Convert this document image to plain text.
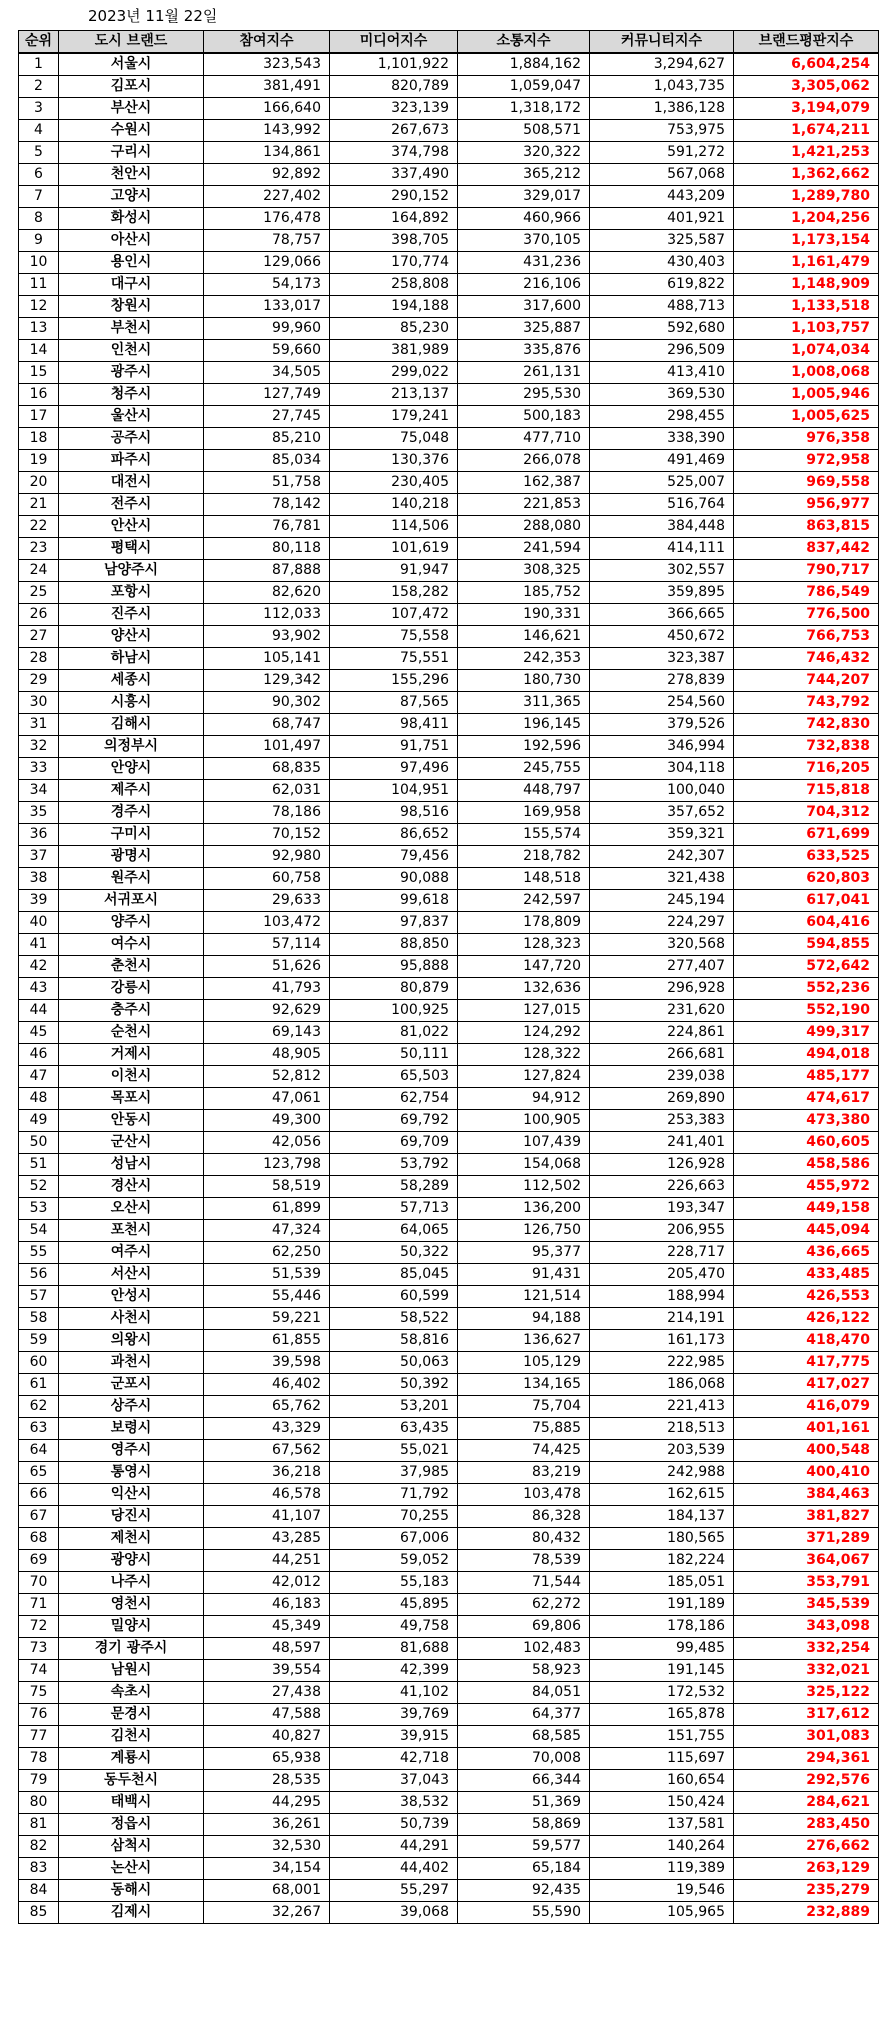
2023년 11월 22일
순위	도시 브랜드	참여지수	미디어지수	소통지수	커뮤니티지수	브랜드평판지수
1	서울시	323,543	1,101,922	1,884,162	3,294,627	6,604,254
2	김포시	381,491	820,789	1,059,047	1,043,735	3,305,062
3	부산시	166,640	323,139	1,318,172	1,386,128	3,194,079
4	수원시	143,992	267,673	508,571	753,975	1,674,211
5	구리시	134,861	374,798	320,322	591,272	1,421,253
6	천안시	92,892	337,490	365,212	567,068	1,362,662
7	고양시	227,402	290,152	329,017	443,209	1,289,780
8	화성시	176,478	164,892	460,966	401,921	1,204,256
9	아산시	78,757	398,705	370,105	325,587	1,173,154
10	용인시	129,066	170,774	431,236	430,403	1,161,479
11	대구시	54,173	258,808	216,106	619,822	1,148,909
12	창원시	133,017	194,188	317,600	488,713	1,133,518
13	부천시	99,960	85,230	325,887	592,680	1,103,757
14	인천시	59,660	381,989	335,876	296,509	1,074,034
15	광주시	34,505	299,022	261,131	413,410	1,008,068
16	청주시	127,749	213,137	295,530	369,530	1,005,946
17	울산시	27,745	179,241	500,183	298,455	1,005,625
18	공주시	85,210	75,048	477,710	338,390	976,358
19	파주시	85,034	130,376	266,078	491,469	972,958
20	대전시	51,758	230,405	162,387	525,007	969,558
21	전주시	78,142	140,218	221,853	516,764	956,977
22	안산시	76,781	114,506	288,080	384,448	863,815
23	평택시	80,118	101,619	241,594	414,111	837,442
24	남양주시	87,888	91,947	308,325	302,557	790,717
25	포항시	82,620	158,282	185,752	359,895	786,549
26	진주시	112,033	107,472	190,331	366,665	776,500
27	양산시	93,902	75,558	146,621	450,672	766,753
28	하남시	105,141	75,551	242,353	323,387	746,432
29	세종시	129,342	155,296	180,730	278,839	744,207
30	시흥시	90,302	87,565	311,365	254,560	743,792
31	김해시	68,747	98,411	196,145	379,526	742,830
32	의정부시	101,497	91,751	192,596	346,994	732,838
33	안양시	68,835	97,496	245,755	304,118	716,205
34	제주시	62,031	104,951	448,797	100,040	715,818
35	경주시	78,186	98,516	169,958	357,652	704,312
36	구미시	70,152	86,652	155,574	359,321	671,699
37	광명시	92,980	79,456	218,782	242,307	633,525
38	원주시	60,758	90,088	148,518	321,438	620,803
39	서귀포시	29,633	99,618	242,597	245,194	617,041
40	양주시	103,472	97,837	178,809	224,297	604,416
41	여수시	57,114	88,850	128,323	320,568	594,855
42	춘천시	51,626	95,888	147,720	277,407	572,642
43	강릉시	41,793	80,879	132,636	296,928	552,236
44	충주시	92,629	100,925	127,015	231,620	552,190
45	순천시	69,143	81,022	124,292	224,861	499,317
46	거제시	48,905	50,111	128,322	266,681	494,018
47	이천시	52,812	65,503	127,824	239,038	485,177
48	목포시	47,061	62,754	94,912	269,890	474,617
49	안동시	49,300	69,792	100,905	253,383	473,380
50	군산시	42,056	69,709	107,439	241,401	460,605
51	성남시	123,798	53,792	154,068	126,928	458,586
52	경산시	58,519	58,289	112,502	226,663	455,972
53	오산시	61,899	57,713	136,200	193,347	449,158
54	포천시	47,324	64,065	126,750	206,955	445,094
55	여주시	62,250	50,322	95,377	228,717	436,665
56	서산시	51,539	85,045	91,431	205,470	433,485
57	안성시	55,446	60,599	121,514	188,994	426,553
58	사천시	59,221	58,522	94,188	214,191	426,122
59	의왕시	61,855	58,816	136,627	161,173	418,470
60	과천시	39,598	50,063	105,129	222,985	417,775
61	군포시	46,402	50,392	134,165	186,068	417,027
62	상주시	65,762	53,201	75,704	221,413	416,079
63	보령시	43,329	63,435	75,885	218,513	401,161
64	영주시	67,562	55,021	74,425	203,539	400,548
65	통영시	36,218	37,985	83,219	242,988	400,410
66	익산시	46,578	71,792	103,478	162,615	384,463
67	당진시	41,107	70,255	86,328	184,137	381,827
68	제천시	43,285	67,006	80,432	180,565	371,289
69	광양시	44,251	59,052	78,539	182,224	364,067
70	나주시	42,012	55,183	71,544	185,051	353,791
71	영천시	46,183	45,895	62,272	191,189	345,539
72	밀양시	45,349	49,758	69,806	178,186	343,098
73	경기 광주시	48,597	81,688	102,483	99,485	332,254
74	남원시	39,554	42,399	58,923	191,145	332,021
75	속초시	27,438	41,102	84,051	172,532	325,122
76	문경시	47,588	39,769	64,377	165,878	317,612
77	김천시	40,827	39,915	68,585	151,755	301,083
78	계룡시	65,938	42,718	70,008	115,697	294,361
79	동두천시	28,535	37,043	66,344	160,654	292,576
80	태백시	44,295	38,532	51,369	150,424	284,621
81	정읍시	36,261	50,739	58,869	137,581	283,450
82	삼척시	32,530	44,291	59,577	140,264	276,662
83	논산시	34,154	44,402	65,184	119,389	263,129
84	동해시	68,001	55,297	92,435	19,546	235,279
85	김제시	32,267	39,068	55,590	105,965	232,889
